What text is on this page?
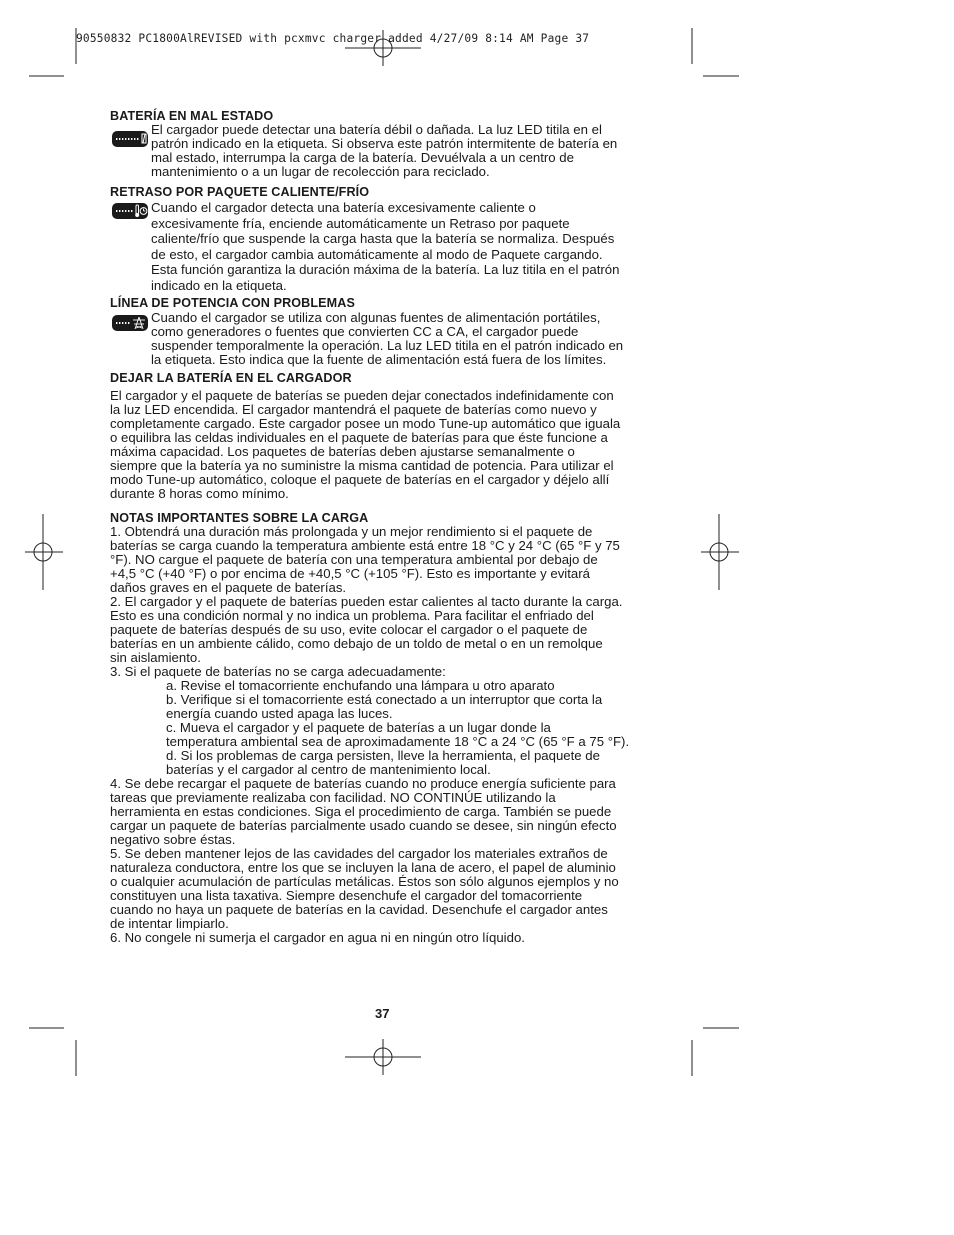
90550832 PC1800AlREVISED with pcxmvc charger added 4/27/09 8:14 AM Page 37
BATERÍA EN MAL ESTADO
El cargador puede detectar una batería débil o dañada. La luz LED titila en el
patrón indicado en la etiqueta. Si observa este patrón intermitente de batería en
mal estado, interrumpa la carga de la batería. Devuélvala a un centro de
mantenimiento o a un lugar de recolección para reciclado.
RETRASO POR PAQUETE CALIENTE/FRÍO
Cuando el cargador detecta una batería excesivamente caliente o
excesivamente fría, enciende automáticamente un Retraso por paquete
caliente/frío que suspende la carga hasta que la batería se normaliza. Después
de esto, el cargador cambia automáticamente al modo de Paquete cargando.
Esta función garantiza la duración máxima de la batería. La luz titila en el patrón
indicado en la etiqueta.
LÍNEA DE POTENCIA CON PROBLEMAS
Cuando el cargador se utiliza con algunas fuentes de alimentación portátiles,
como generadores o fuentes que convierten CC a CA, el cargador puede
suspender temporalmente la operación. La luz LED titila en el patrón indicado en
la etiqueta. Esto indica que la fuente de alimentación está fuera de los límites.
DEJAR LA BATERÍA EN EL CARGADOR
El cargador y el paquete de baterías se pueden dejar conectados indefinidamente con
la luz LED encendida. El cargador mantendrá el paquete de baterías como nuevo y
completamente cargado. Este cargador posee un modo Tune-up automático que iguala
o equilibra las celdas individuales en el paquete de baterías para que éste funcione a
máxima capacidad. Los paquetes de baterías deben ajustarse semanalmente o
siempre que la batería ya no suministre la misma cantidad de potencia. Para utilizar el
modo Tune-up automático, coloque el paquete de baterías en el cargador y déjelo allí
durante 8 horas como mínimo.
NOTAS IMPORTANTES SOBRE LA CARGA
1. Obtendrá una duración más prolongada y un mejor rendimiento si el paquete de
baterías se carga cuando la temperatura ambiente está entre 18 °C y 24 °C (65 °F y 75
°F). NO cargue el paquete de batería con una temperatura ambiental por debajo de
+4,5 °C (+40 °F) o por encima de +40,5 °C (+105 °F). Esto es importante y evitará
daños graves en el paquete de baterías.
2. El cargador y el paquete de baterías pueden estar calientes al tacto durante la carga.
Esto es una condición normal y no indica un problema. Para facilitar el enfriado del
paquete de baterías después de su uso, evite colocar el cargador o el paquete de
baterías en un ambiente cálido, como debajo de un toldo de metal o en un remolque
sin aislamiento.
3. Si el paquete de baterías no se carga adecuadamente:
a. Revise el tomacorriente enchufando una lámpara u otro aparato
b. Verifique si el tomacorriente está conectado a un interruptor que corta la
energía cuando usted apaga las luces.
c. Mueva el cargador y el paquete de baterías a un lugar donde la
temperatura ambiental sea de aproximadamente 18 °C a 24 °C (65 °F a 75 °F).
d. Si los problemas de carga persisten, lleve la herramienta, el paquete de
baterías y el cargador al centro de mantenimiento local.
4. Se debe recargar el paquete de baterías cuando no produce energía suficiente para
tareas que previamente realizaba con facilidad. NO CONTINÚE utilizando la
herramienta en estas condiciones. Siga el procedimiento de carga. También se puede
cargar un paquete de baterías parcialmente usado cuando se desee, sin ningún efecto
negativo sobre éstas.
5. Se deben mantener lejos de las cavidades del cargador los materiales extraños de
naturaleza conductora, entre los que se incluyen la lana de acero, el papel de aluminio
o cualquier acumulación de partículas metálicas. Éstos son sólo algunos ejemplos y no
constituyen una lista taxativa. Siempre desenchufe el cargador del tomacorriente
cuando no haya un paquete de baterías en la cavidad. Desenchufe el cargador antes
de intentar limpiarlo.
6. No congele ni sumerja el cargador en agua ni en ningún otro líquido.
37
